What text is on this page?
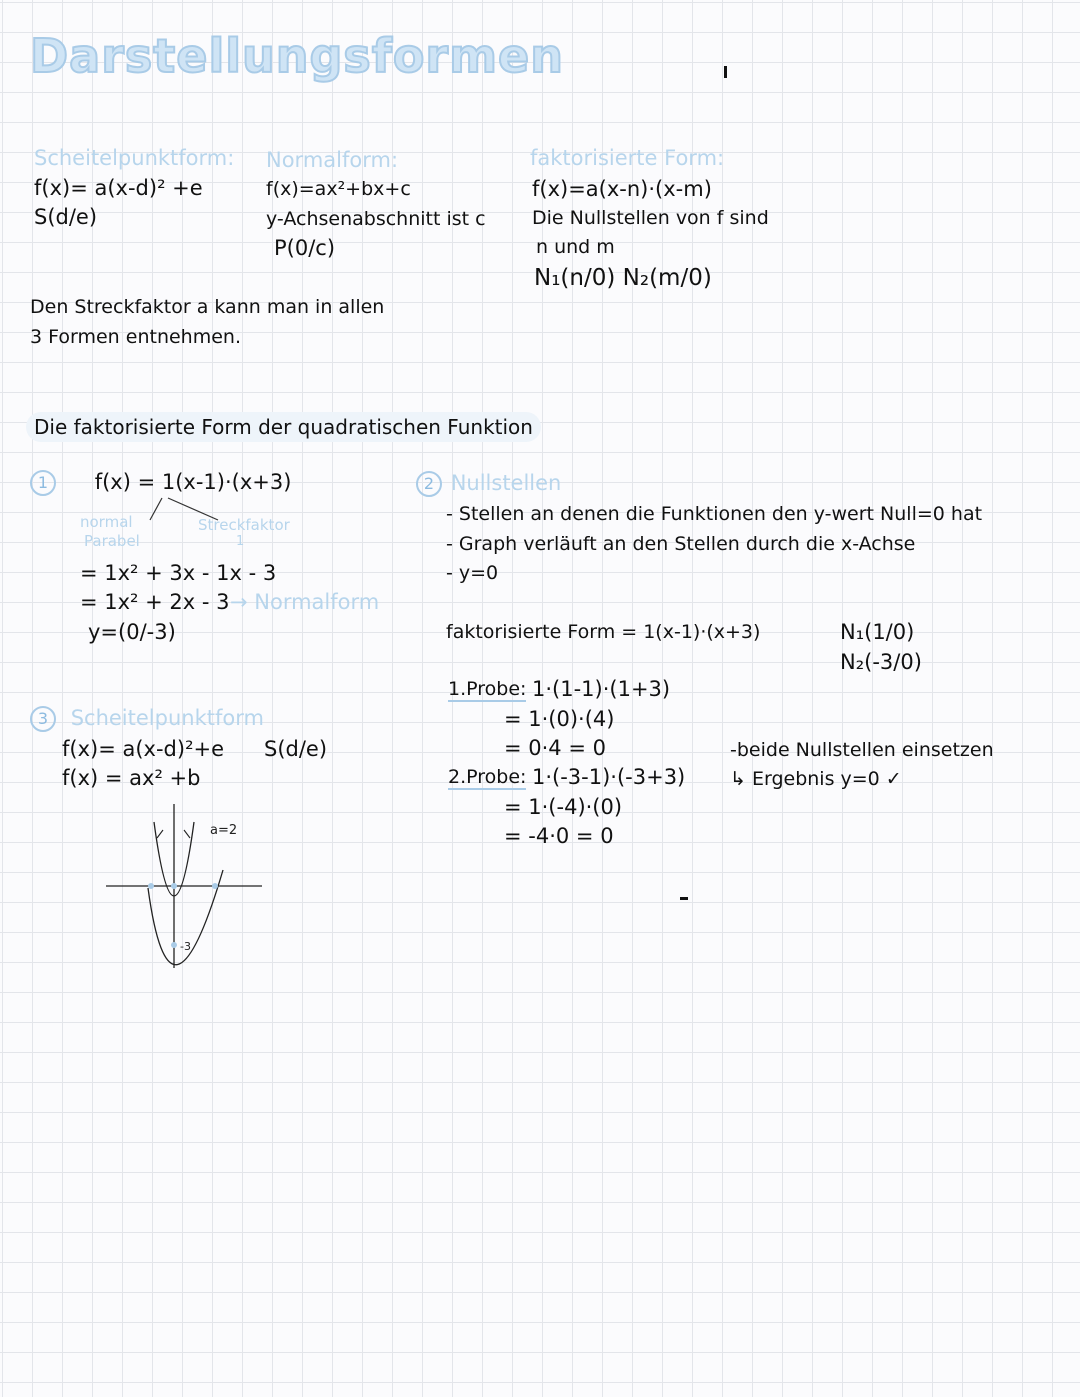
Darstellungsformen
Scheitelpunktform:
f(x)= a(x-d)² +e
S(d/e)
Normalform:
f(x)=ax²+bx+c
y-Achsenabschnitt ist c
P(0/c)
faktorisierte Form:
f(x)=a(x-n)·(x-m)
Die Nullstellen von f sind
n und m
N₁(n/0) N₂(m/0)
Den Streckfaktor a kann man in allen
3 Formen entnehmen.
Die faktorisierte Form der quadratischen Funktion
1 f(x) = 1(x-1)·(x+3)
normal
Parabel
Streckfaktor
1
= 1x² + 3x - 1x - 3
= 1x² + 2x - 3 → Normalform
y=(0/-3)
2 Nullstellen
- Stellen an denen die Funktionen den y-wert Null=0 hat
- Graph verläuft an den Stellen durch die x-Achse
- y=0
faktorisierte Form = 1(x-1)·(x+3)	N₁(1/0)
N₂(-3/0)
1.Probe: 1·(1-1)·(1+3)
= 1·(0)·(4)
= 0·4 = 0
2.Probe: 1·(-3-1)·(-3+3)
= 1·(-4)·(0)
= -4·0 = 0
-beide Nullstellen einsetzen
↳ Ergebnis y=0 ✓
3 Scheitelpunktform
f(x)= a(x-d)²+e S(d/e)
f(x) = ax² +b
a=2
-3
